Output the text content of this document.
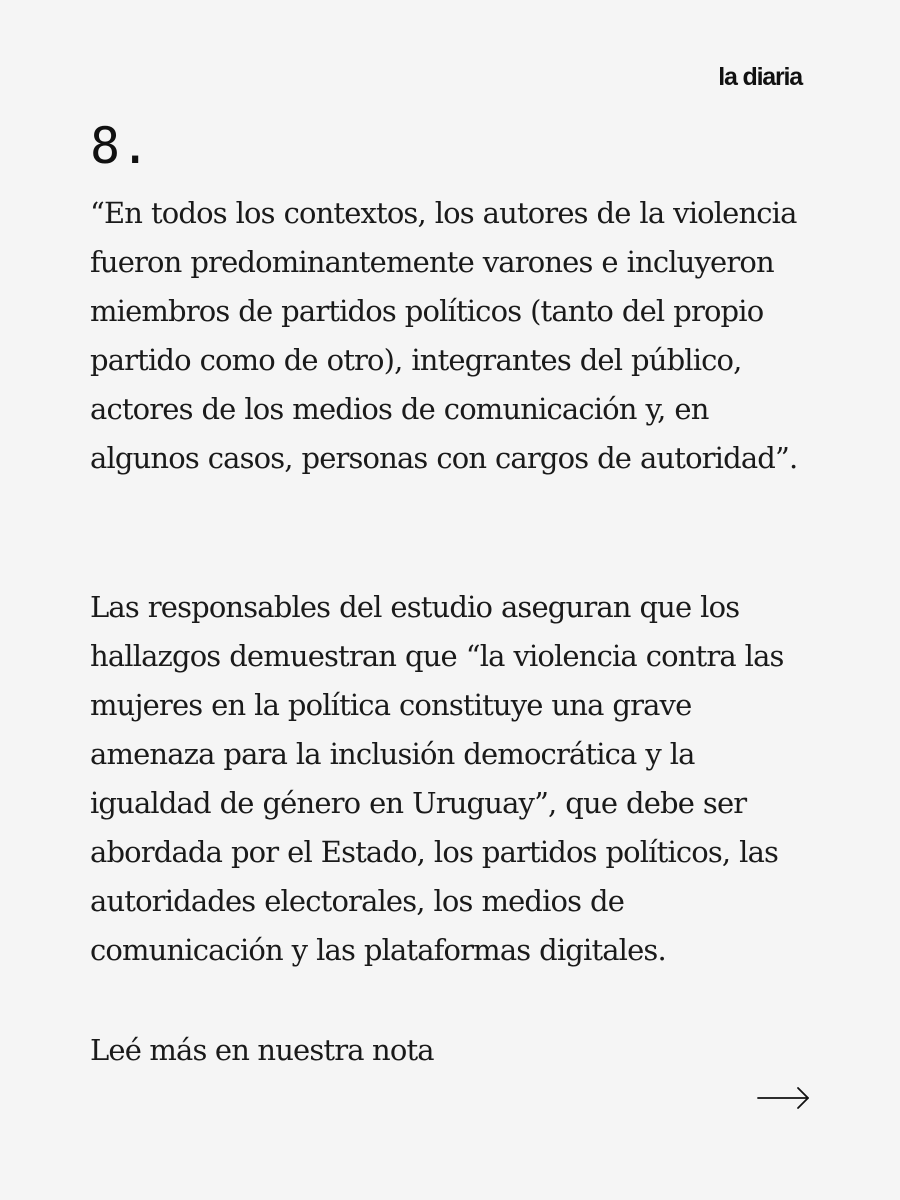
la diaria
8.
“En todos los contextos, los autores de la violencia fueron predominantemente varones e incluyeron miembros de partidos políticos (tanto del propio partido como de otro), integrantes del público, actores de los medios de comunicación y, en algunos casos, personas con cargos de autoridad”.
Las responsables del estudio aseguran que los hallazgos demuestran que “la violencia contra las mujeres en la política constituye una grave amenaza para la inclusión democrática y la igualdad de género en Uruguay”, que debe ser abordada por el Estado, los partidos políticos, las autoridades electorales, los medios de comunicación y las plataformas digitales.
Leé más en nuestra nota
